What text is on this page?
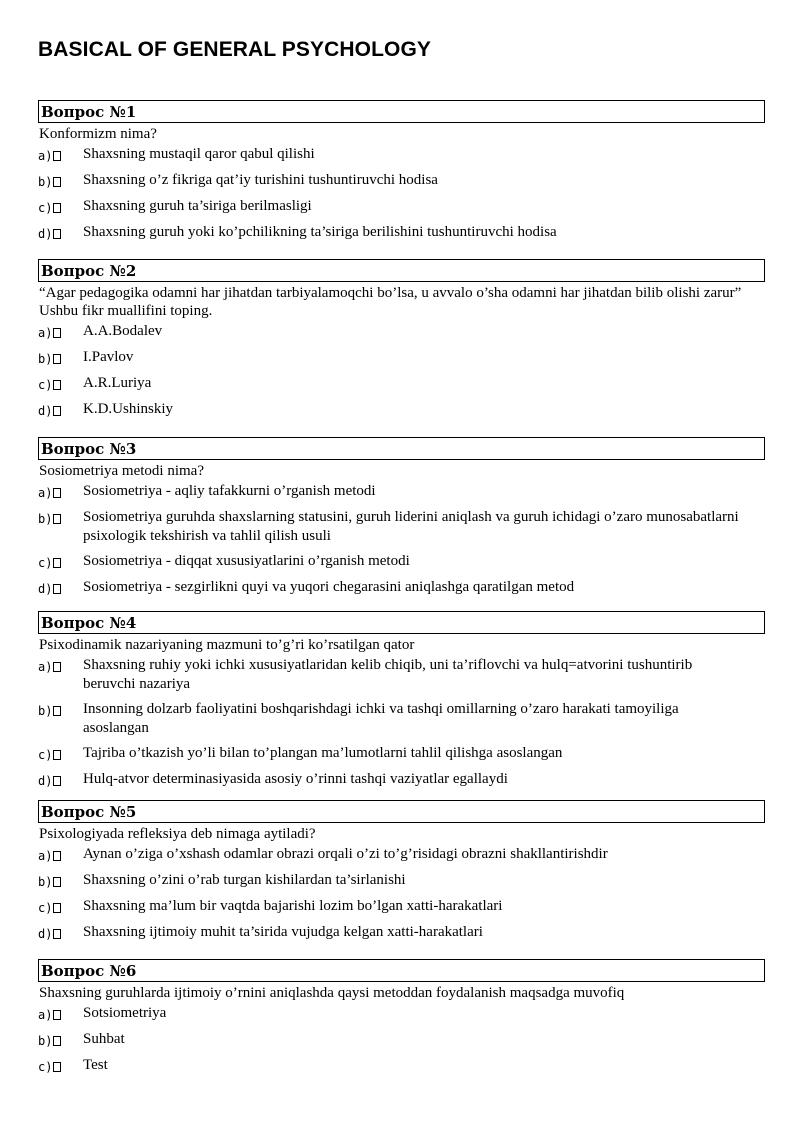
BASICAL OF GENERAL PSYCHOLOGY
Вопрос №1
Konformizm nima?
a)	Shaxsning mustaqil qaror qabul qilishi
b)	Shaxsning o’z fikriga qat’iy turishini tushuntiruvchi hodisa
c)	Shaxsning guruh ta’siriga berilmasligi
d)	Shaxsning guruh yoki ko’pchilikning ta’siriga berilishini tushuntiruvchi hodisa
Вопрос №2
“Agar pedagogika odamni har jihatdan tarbiyalamoqchi bo’lsa, u avvalo o’sha odamni har jihatdan bilib olishi zarur” Ushbu fikr muallifini toping.
a)	A.A.Bodalev
b)	I.Pavlov
c)	A.R.Luriya
d)	K.D.Ushinskiy
Вопрос №3
Sosiometriya metodi nima?
a)	Sosiometriya - aqliy tafakkurni o’rganish metodi
b)	Sosiometriya guruhda shaxslarning statusini, guruh liderini aniqlash va guruh ichidagi o’zaro munosabatlarni psixologik tekshirish va tahlil qilish usuli
c)	Sosiometriya - diqqat xususiyatlarini o’rganish metodi
d)	Sosiometriya - sezgirlikni quyi va yuqori chegarasini aniqlashga qaratilgan metod
Вопрос №4
Psixodinamik nazariyaning mazmuni to’g’ri ko’rsatilgan qator
a)	Shaxsning ruhiy yoki ichki xususiyatlaridan kelib chiqib, uni ta’riflovchi va hulq=atvorini tushuntirib beruvchi nazariya
b)	Insonning dolzarb faoliyatini boshqarishdagi ichki va tashqi omillarning o’zaro harakati tamoyiliga asoslangan
c)	Tajriba o’tkazish yo’li bilan to’plangan ma’lumotlarni tahlil qilishga asoslangan
d)	Hulq-atvor determinasiyasida asosiy o’rinni tashqi vaziyatlar egallaydi
Вопрос №5
Psixologiyada refleksiya deb nimaga aytiladi?
a)	Aynan o’ziga o’xshash odamlar obrazi orqali o’zi to’g’risidagi obrazni shakllantirishdir
b)	Shaxsning o’zini o’rab turgan kishilardan ta’sirlanishi
c)	Shaxsning ma’lum bir vaqtda bajarishi lozim bo’lgan xatti-harakatlari
d)	Shaxsning ijtimoiy muhit ta’sirida vujudga kelgan xatti-harakatlari
Вопрос №6
Shaxsning guruhlarda ijtimoiy o’rnini aniqlashda qaysi metoddan foydalanish maqsadga muvofiq
a)	Sotsiometriya
b)	Suhbat
c)	Test
